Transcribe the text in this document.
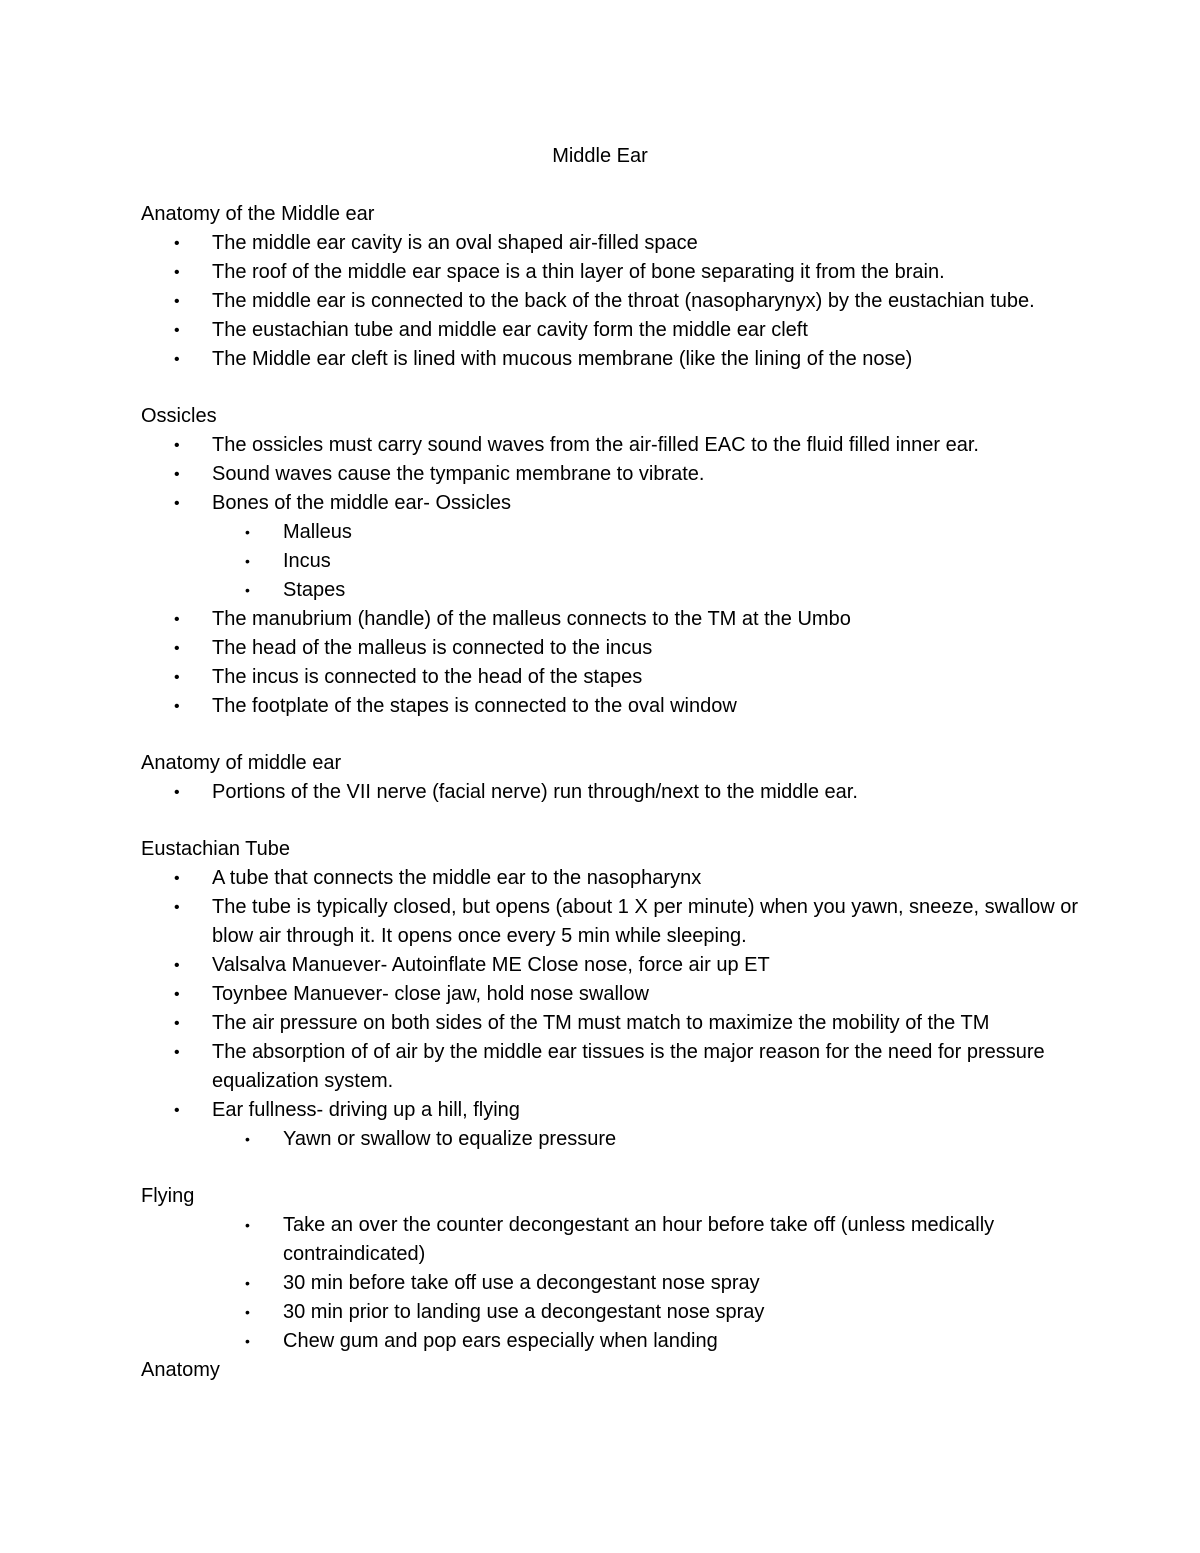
Middle Ear
Anatomy of the Middle ear
• The middle ear cavity is an oval shaped air-filled space
• The roof of the middle ear space is a thin layer of bone separating it from the brain.
• The middle ear is connected to the back of the throat (nasopharynyx) by the eustachian tube.
• The eustachian tube and middle ear cavity form the middle ear cleft
• The Middle ear cleft is lined with mucous membrane (like the lining of the nose)
Ossicles
• The ossicles must carry sound waves from the air-filled EAC to the fluid filled inner ear.
• Sound waves cause the tympanic membrane to vibrate.
• Bones of the middle ear- Ossicles
• Malleus
• Incus
• Stapes
• The manubrium (handle) of the malleus connects to the TM at the Umbo
• The head of the malleus is connected to the incus
• The incus is connected to the head of the stapes
• The footplate of the stapes is connected to the oval window
Anatomy of middle ear
• Portions of the VII nerve (facial nerve) run through/next to the middle ear.
Eustachian Tube
• A tube that connects the middle ear to the nasopharynx
• The tube is typically closed, but opens (about 1 X per minute) when you yawn, sneeze, swallow or blow air through it. It opens once every 5 min while sleeping.
• Valsalva Manuever- Autoinflate ME Close nose, force air up ET
• Toynbee Manuever- close jaw, hold nose swallow
• The air pressure on both sides of the TM must match to maximize the mobility of the TM
• The absorption of of air by the middle ear tissues is the major reason for the need for pressure equalization system.
• Ear fullness- driving up a hill, flying
• Yawn or swallow to equalize pressure
Flying
• Take an over the counter decongestant an hour before take off (unless medically contraindicated)
• 30 min before take off use a decongestant nose spray
• 30 min prior to landing use a decongestant nose spray
• Chew gum and pop ears especially when landing
Anatomy
